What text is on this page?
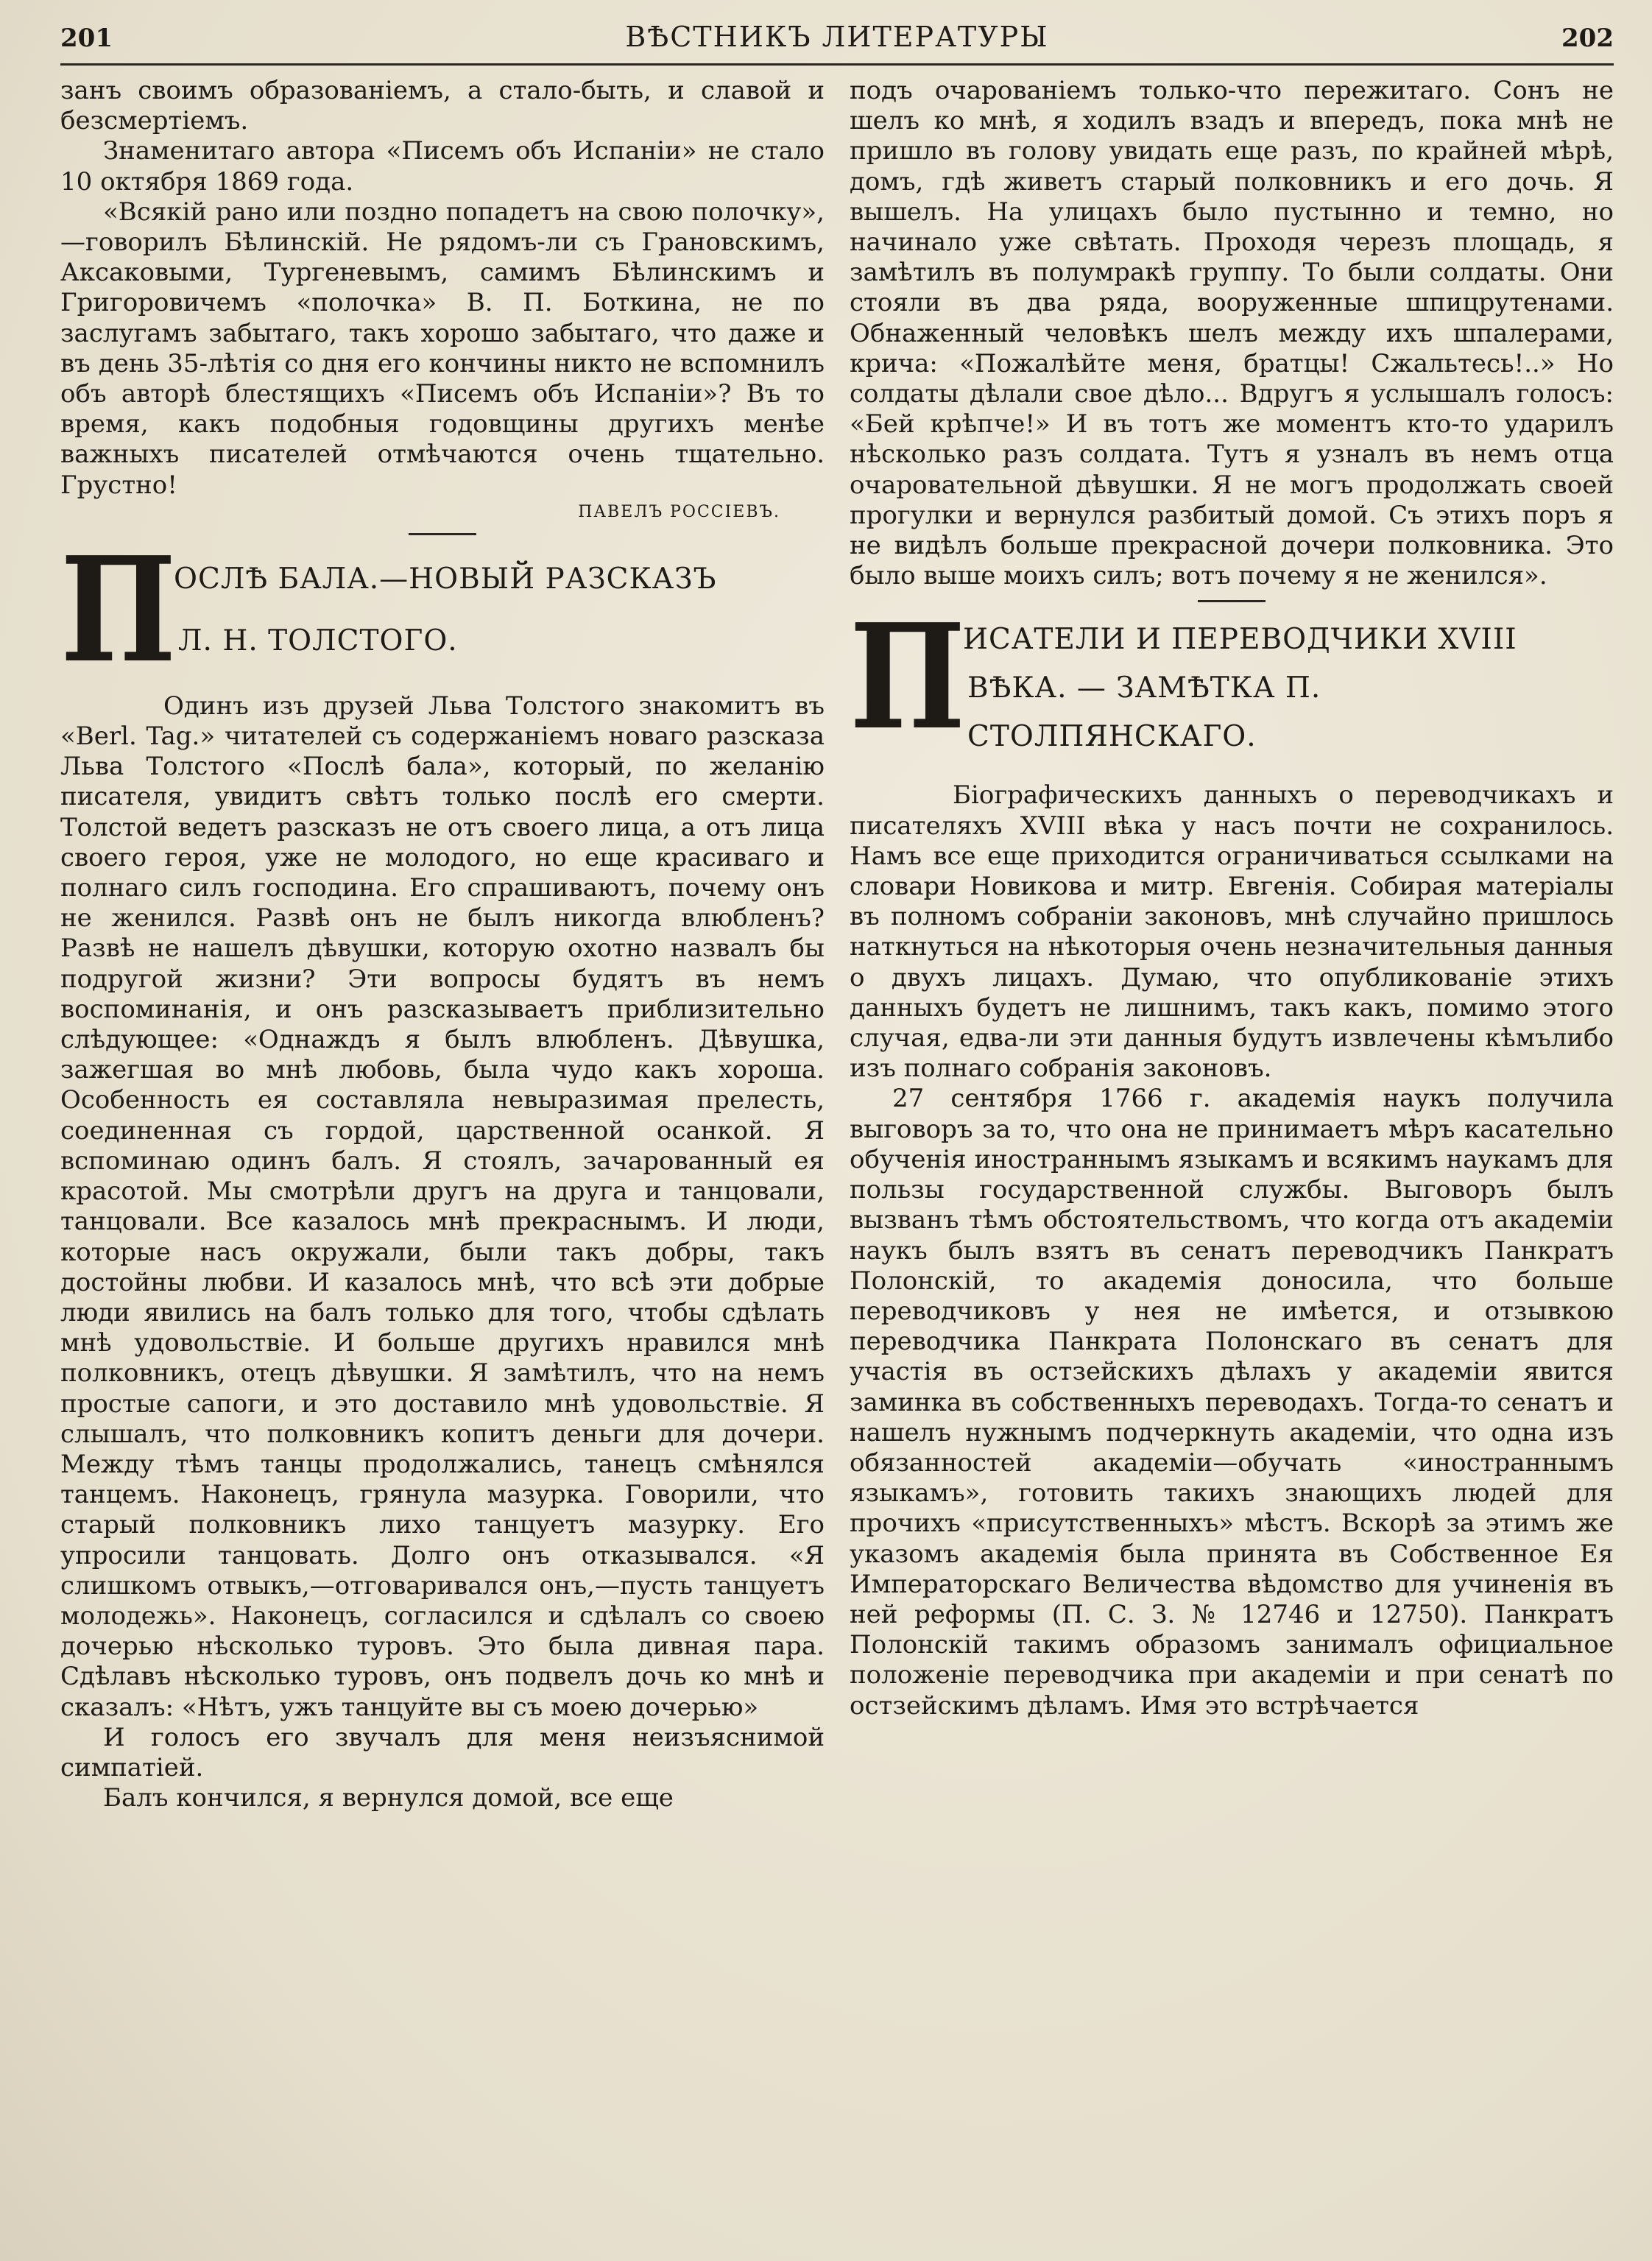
201	ВѢСТНИКЪ ЛИТЕРАТУРЫ	202

занъ своимъ образованіемъ, а стало-быть, и славой и безсмертіемъ.

Знаменитаго автора «Писемъ объ Испаніи» не стало 10 октября 1869 года.

«Всякій рано или поздно попадетъ на свою полочку»,—говорилъ Бѣлинскій. Не рядомъ-ли съ Грановскимъ, Аксаковыми, Тургеневымъ, самимъ Бѣлинскимъ и Григоровичемъ «полочка» В. П. Боткина, не по заслугамъ забытаго, такъ хорошо забытаго, что даже и въ день 35-лѣтія со дня его кончины никто не вспомнилъ объ авторѣ блестящихъ «Писемъ объ Испаніи»? Въ то время, какъ подобныя годовщины другихъ менѣе важныхъ писателей отмѣчаются очень тщательно. Грустно!

ПАВЕЛЪ РОССІЕВЪ.
П
ОСЛѢ БАЛА.—НОВЫЙ РАЗСКАЗЪ
Л. Н. ТОЛСТОГО.

Одинъ изъ друзей Льва Толстого знакомитъ въ «Berl. Tag.» читателей съ содержаніемъ новаго разсказа Льва Толстого «Послѣ бала», который, по желанію писателя, увидитъ свѣтъ только послѣ его смерти. Толстой ведетъ разсказъ не отъ своего лица, а отъ лица своего героя, уже не молодого, но еще красиваго и полнаго силъ господина. Его спрашиваютъ, почему онъ не женился. Развѣ онъ не былъ никогда влюбленъ? Развѣ не нашелъ дѣвушки, которую охотно назвалъ бы подругой жизни? Эти вопросы будятъ въ немъ воспоминанія, и онъ разсказываетъ приблизительно слѣдующее: «Однаждъ я былъ влюбленъ. Дѣвушка, зажегшая во мнѣ любовь, была чудо какъ хороша. Особенность ея составляла невыразимая прелесть, соединенная съ гордой, царственной осанкой. Я вспоминаю одинъ балъ. Я стоялъ, зачарованный ея красотой. Мы смотрѣли другъ на друга и танцовали, танцовали. Все казалось мнѣ прекраснымъ. И люди, которые насъ окружали, были такъ добры, такъ достойны любви. И казалось мнѣ, что всѣ эти добрые люди явились на балъ только для того, чтобы сдѣлать мнѣ удовольствіе. И больше другихъ нравился мнѣ полковникъ, отецъ дѣвушки. Я замѣтилъ, что на немъ простые сапоги, и это доставило мнѣ удовольствіе. Я слышалъ, что полковникъ копитъ деньги для дочери. Между тѣмъ танцы продолжались, танецъ смѣнялся танцемъ. Наконецъ, грянула мазурка. Говорили, что старый полковникъ лихо танцуетъ мазурку. Его упросили танцовать. Долго онъ отказывался. «Я слишкомъ отвыкъ,—отговаривался онъ,—пусть танцуетъ молодежь». Наконецъ, согласился и сдѣлалъ со своею дочерью нѣсколько туровъ. Это была дивная пара. Сдѣлавъ нѣсколько туровъ, онъ подвелъ дочь ко мнѣ и сказалъ: «Нѣтъ, ужъ танцуйте вы съ моею дочерью»

И голосъ его звучалъ для меня неизъяснимой симпатіей.

Балъ кончился, я вернулся домой, все еще

подъ очарованіемъ только-что пережитаго. Сонъ не шелъ ко мнѣ, я ходилъ взадъ и впередъ, пока мнѣ не пришло въ голову увидать еще разъ, по крайней мѣрѣ, домъ, гдѣ живетъ старый полковникъ и его дочь. Я вышелъ. На улицахъ было пустынно и темно, но начинало уже свѣтать. Проходя черезъ площадь, я замѣтилъ въ полумракѣ группу. То были солдаты. Они стояли въ два ряда, вооруженные шпицрутенами. Обнаженный человѣкъ шелъ между ихъ шпалерами, крича: «Пожалѣйте меня, братцы! Сжальтесь!..» Но солдаты дѣлали свое дѣло... Вдругъ я услышалъ голосъ: «Бей крѣпче!» И въ тотъ же моментъ кто-то ударилъ нѣсколько разъ солдата. Тутъ я узналъ въ немъ отца очаровательной дѣвушки. Я не могъ продолжать своей прогулки и вернулся разбитый домой. Съ этихъ поръ я не видѣлъ больше прекрасной дочери полковника. Это было выше моихъ силъ; вотъ почему я не женился».

П
ИСАТЕЛИ И ПЕРЕВОДЧИКИ XVIII
ВѢКА. — ЗАМѢТКА П. СТОЛПЯНСКАГО.

Біографическихъ данныхъ о переводчикахъ и писателяхъ XVIII вѣка у насъ почти не сохранилось. Намъ все еще приходится ограничиваться ссылками на словари Новикова и митр. Евгенія. Собирая матеріалы въ полномъ собраніи законовъ, мнѣ случайно пришлось наткнуться на нѣкоторыя очень незначительныя данныя о двухъ лицахъ. Думаю, что опубликованіе этихъ данныхъ будетъ не лишнимъ, такъ какъ, помимо этого случая, едва-ли эти данныя будутъ извлечены кѣмълибо изъ полнаго собранія законовъ.

27 сентября 1766 г. академія наукъ получила выговоръ за то, что она не принимаетъ мѣръ касательно обученія иностраннымъ языкамъ и всякимъ наукамъ для пользы государственной службы. Выговоръ былъ вызванъ тѣмъ обстоятельствомъ, что когда отъ академіи наукъ былъ взятъ въ сенатъ переводчикъ Панкратъ Полонскій, то академія доносила, что больше переводчиковъ у нея не имѣется, и отзывкою переводчика Панкрата Полонскаго въ сенатъ для участія въ остзейскихъ дѣлахъ у академіи явится заминка въ собственныхъ переводахъ. Тогда-то сенатъ и нашелъ нужнымъ подчеркнуть академіи, что одна изъ обязанностей академіи—обучать «иностраннымъ языкамъ», готовить такихъ знающихъ людей для прочихъ «присутственныхъ» мѣстъ. Вскорѣ за этимъ же указомъ академія была принята въ Собственное Ея Императорскаго Величества вѣдомство для учиненія въ ней реформы (П. С. З. № 12746 и 12750). Панкратъ Полонскій такимъ образомъ занималъ официальное положеніе переводчика при академіи и при сенатѣ по остзейскимъ дѣламъ. Имя это встрѣчается
